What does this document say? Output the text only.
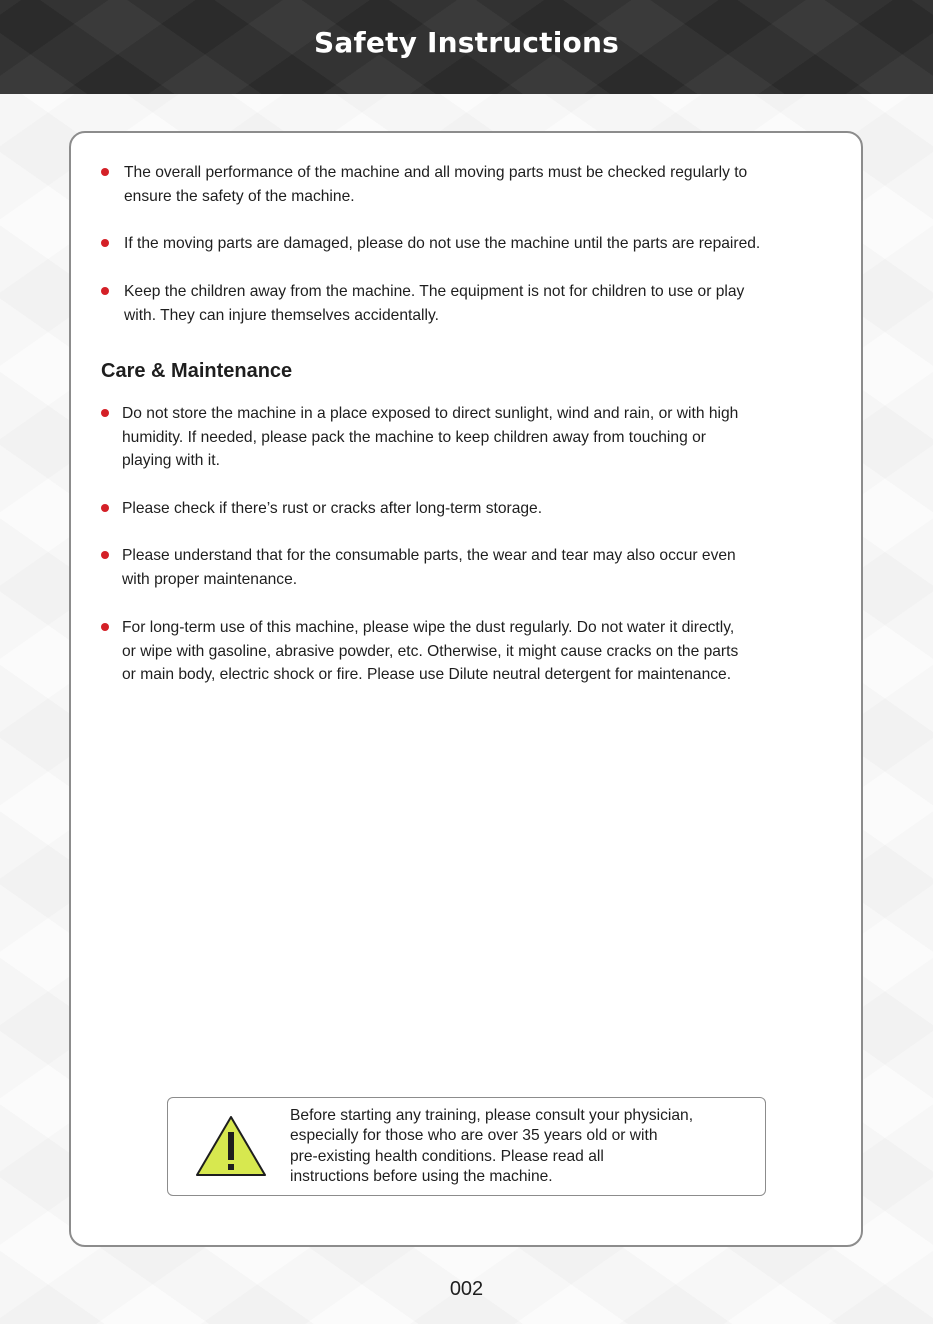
Safety Instructions
The overall performance of the machine and all moving parts must be checked regularly to
ensure the safety of the machine.
If the moving parts are damaged, please do not use the machine until the parts are repaired.
Keep the children away from the machine. The equipment is not for children to use or play
with. They can injure themselves accidentally.
Care & Maintenance
Do not store the machine in a place exposed to direct sunlight, wind and rain, or with high
humidity. If needed, please pack the machine to keep children away from touching or
playing with it.
Please check if there’s rust or cracks after long-term storage.
Please understand that for the consumable parts, the wear and tear may also occur even
with proper maintenance.
For long-term use of this machine, please wipe the dust regularly. Do not water it directly,
or wipe with gasoline, abrasive powder, etc. Otherwise, it might cause cracks on the parts
or main body, electric shock or fire. Please use Dilute neutral detergent for maintenance.
Before starting any training, please consult your physician,
especially for those who are over 35 years old or with
pre-existing health conditions. Please read all
instructions before using the machine.
002
